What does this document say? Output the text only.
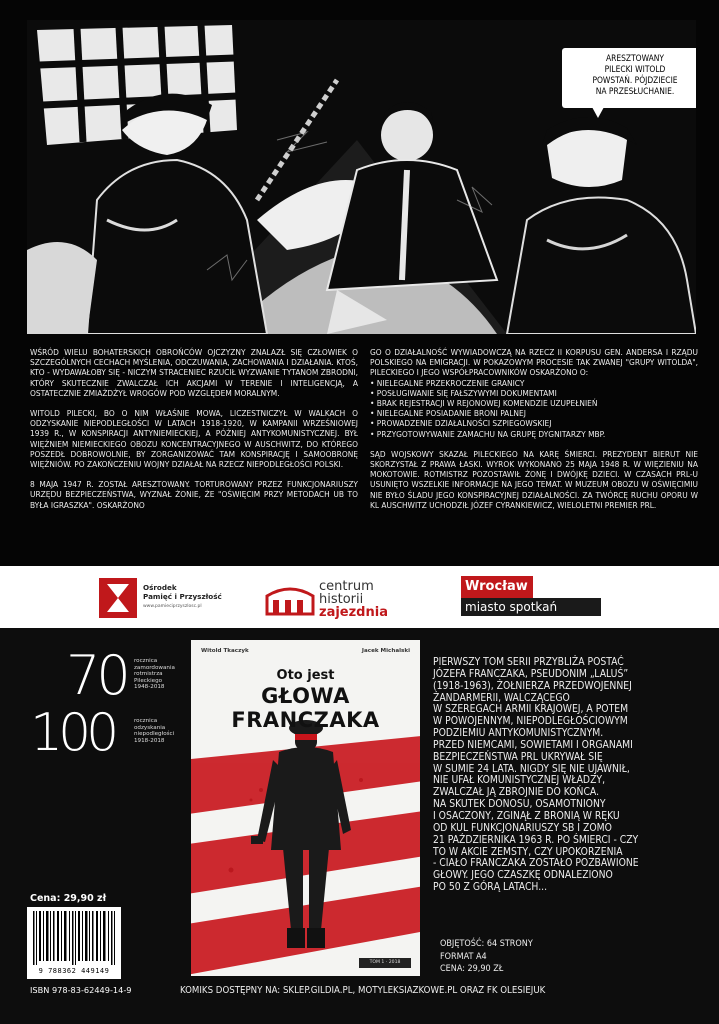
ARESZTOWANY
PILECKI WITOLD
POWSTAŃ. PÓJDZIECIE
NA PRZESŁUCHANIE.

WŚRÓD WIELU BOHATERSKICH OBROŃCÓW OJCZYZNY ZNALAZŁ SIĘ CZŁOWIEK O SZCZEGÓLNYCH CECHACH MYŚLENIA, ODCZUWANIA, ZACHOWANIA I DZIAŁANIA. KTOŚ, KTO - WYDAWAŁOBY SIĘ - NICZYM STRACENIEC RZUCIŁ WYZWANIE TYTANOM ZBRODNI, KTÓRY SKUTECZNIE ZWALCZAŁ ICH AKCJAMI W TERENIE I INTELIGENCJĄ, A OSTATECZNIE ZMIAŻDŻYŁ WROGÓW POD WZGLĘDEM MORALNYM.

WITOLD PILECKI, BO O NIM WŁAŚNIE MOWA, LICZESTNICZYŁ W WALKACH O ODZYSKANIE NIEPODLEGŁOŚCI W LATACH 1918-1920, W KAMPANII WRZEŚNIOWEJ 1939 R., W KONSPIRACJI ANTYNIEMIECKIEJ, A PÓŹNIEJ ANTYKOMUNISTYCZNEJ. BYŁ WIĘŹNIEM NIEMIECKIEGO OBOZU KONCENTRACYJNEGO W AUSCHWITZ, DO KTÓREGO POSZEDŁ DOBROWOLNIE, BY ZORGANIZOWAĆ TAM KONSPIRACJĘ I SAMOOBRONĘ WIĘŹNIÓW. PO ZAKOŃCZENIU WOJNY DZIAŁAŁ NA RZECZ NIEPODLEGŁOŚCI POLSKI.

8 MAJA 1947 R. ZOSTAŁ ARESZTOWANY. TORTUROWANY PRZEZ FUNKCJONARIUSZY URZĘDU BEZPIECZEŃSTWA, WYZNAŁ ŻONIE, ŻE "OŚWIĘCIM PRZY METODACH UB TO BYŁA IGRASZKA". OSKARŻONO

GO O DZIAŁALNOŚĆ WYWIADOWCZĄ NA RZECZ II KORPUSU GEN. ANDERSA I RZĄDU POLSKIEGO NA EMIGRACJI. W POKAZOWYM PROCESIE TAK ZWANEJ "GRUPY WITOLDA", PILECKIEGO I JEGO WSPÓŁPRACOWNIKÓW OSKARŻONO O:

• NIELEGALNE PRZEKROCZENIE GRANICY
• POSŁUGIWANIE SIĘ FAŁSZYWYMI DOKUMENTAMI
• BRAK REJESTRACJI W REJONOWEJ KOMENDZIE UZUPEŁNIEŃ
• NIELEGALNE POSIADANIE BRONI PALNEJ
• PROWADZENIE DZIAŁALNOŚCI SZPIEGOWSKIEJ
• PRZYGOTOWYWANIE ZAMACHU NA GRUPĘ DYGNITARZY MBP.

SĄD WOJSKOWY SKAZAŁ PILECKIEGO NA KARĘ ŚMIERCI. PREZYDENT BIERUT NIE SKORZYSTAŁ Z PRAWA ŁASKI. WYROK WYKONANO 25 MAJA 1948 R. W WIĘZIENIU NA MOKOTOWIE. ROTMISTRZ POZOSTAWIŁ ŻONĘ I DWÓJKĘ DZIECI. W CZASACH PRL-U USUNIĘTO WSZELKIE INFORMACJE NA JEGO TEMAT. W MUZEUM OBOZU W OŚWIĘCIMIU NIE BYŁO ŚLADU JEGO KONSPIRACYJNEJ DZIAŁALNOŚCI. ZA TWÓRCĘ RUCHU OPORU W KL AUSCHWITZ UCHODZIŁ JÓZEF CYRANKIEWICZ, WIELOLETNI PREMIER PRL.

Ośrodek
Pamięć i Przyszłość
www.pamieciprzyszlosc.pl
centrum
historii
zajezdnia
Wrocław
miasto spotkań
70 rocznica
zamordowania
rotmistrza
Pileckiego
1948-2018
100	rocznica
odzyskania
niepodległości
1918-2018
Witold Tkaczyk	Jacek Michalski
Oto jest
GŁOWA FRANCZAKA
TOM 1 · 2018
PIERWSZY TOM SERII PRZYBLIŻA POSTAĆ
JÓZEFA FRANCZAKA, PSEUDONIM „LALUŚ”
(1918-1963), ŻOŁNIERZA PRZEDWOJENNEJ
ŻANDARMERII, WALCZĄCEGO
W SZEREGACH ARMII KRAJOWEJ, A POTEM
W POWOJENNYM, NIEPODLEGŁOŚCIOWYM
PODZIEMIU ANTYKOMUNISTYCZNYM.
PRZED NIEMCAMI, SOWIETAMI I ORGANAMI
BEZPIECZEŃSTWA PRL UKRYWAŁ SIĘ
W SUMIE 24 LATA. NIGDY SIĘ NIE UJAWNIŁ,
NIE UFAŁ KOMUNISTYCZNEJ WŁADZY,
ZWALCZAŁ JĄ ZBROJNIE DO KOŃCA.
NA SKUTEK DONOSU, OSAMOTNIONY
I OSACZONY, ZGINĄŁ Z BRONIĄ W RĘKU
OD KUL FUNKCJONARIUSZY SB I ZOMO
21 PAŹDZIERNIKA 1963 R. PO ŚMIERCI - CZY
TO W AKCIE ZEMSTY, CZY UPOKORZENIA
- CIAŁO FRANCZAKA ZOSTAŁO POZBAWIONE
GŁOWY. JEGO CZASZKĘ ODNALEZIONO
PO 50 Z GÓRĄ LATACH...
OBJĘTOŚĆ: 64 STRONY
FORMAT A4
CENA: 29,90 ZŁ
Cena: 29,90 zł
9 788362 449149
ISBN 978-83-62449-14-9	KOMIKS DOSTĘPNY NA: SKLEP.GILDIA.PL, MOTYLEKSIAZKOWE.PL ORAZ FK OLESIEJUK
